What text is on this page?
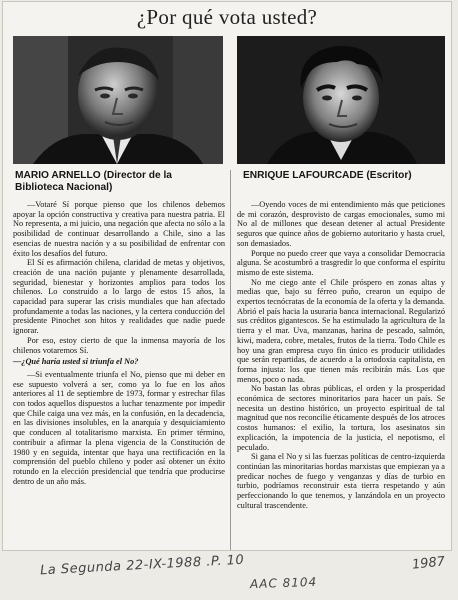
¿Por qué vota usted?
MARIO ARNELLO (Director de la Biblioteca Nacional)
ENRIQUE LAFOURCADE (Escritor)

—Votaré Sí porque pienso que los chilenos debemos apoyar la opción constructiva y creativa para nuestra patria. El No representa, a mi juicio, una negación que afecta no sólo a la posibilidad de continuar desarrollando a Chile, sino a las esencias de nuestra nación y a su posibilidad de enfrentar con éxito los desafíos del futuro.

El Sí es afirmación chilena, claridad de metas y objetivos, creación de una nación pujante y plenamente desarrollada, seguridad, bienestar y horizontes amplios para todos los chilenos. Lo construido a lo largo de estos 15 años, la capacidad para superar las crisis mundiales que han afectado profundamente a todas las naciones, y la certera conducción del presidente Pinochet son hitos y realidades que nadie puede ignorar.

Por eso, estoy cierto de que la inmensa mayoría de los chilenos votaremos Sí.

—¿Qué haría usted si triunfa el No?

—Si eventualmente triunfa el No, pienso que mi deber en ese supuesto volverá a ser, como ya lo fue en los años anteriores al 11 de septiembre de 1973, formar y estrechar filas con todos aquellos dispuestos a luchar tenazmente por impedir que Chile caiga una vez más, en la confusión, en la decadencia, en las divisiones insolubles, en la anarquía y desquiciamiento que conducen al totalitarismo marxista. En primer término, contribuir a afirmar la plena vigencia de la Constitución de 1980 y en seguida, intentar que haya una rectificación en la comprensión del pueblo chileno y poder así obtener un éxito rotundo en la elección presidencial que tendría que producirse dentro de un año más.

—Oyendo voces de mi entendimiento más que peticiones de mi corazón, desprovisto de cargas emocionales, sumo mi No al de millones que desean detener al actual Presidente seguros que quince años de gobierno autoritario y hasta cruel, son demasiados.

Porque no puedo creer que vaya a consolidar Democracia alguna. Se acostumbró a trasgredir lo que conforma el espíritu mismo de este sistema.

No me ciego ante el Chile próspero en zonas altas y medias que, bajo su férreo puño, crearon un equipo de expertos tecnócratas de la economía de la oferta y la demanda. Abrió el país hacia la usuraria banca internacional. Regularizó sus créditos gigantescos. Se ha estimulado la agricultura de la tierra y el mar. Uva, manzanas, harina de pescado, salmón, kiwi, madera, cobre, metales, frutos de la tierra. Todo Chile es hoy una gran empresa cuyo fin único es producir utilidades que serán repartidas, de acuerdo a la ortodoxia capitalista, en forma injusta: los que tienen más recibirán más. Los que menos, poco o nada.

No bastan las obras públicas, el orden y la prosperidad económica de sectores minoritarios para hacer un país. Se necesita un destino histórico, un proyecto espiritual de tal magnitud que nos reconcilie éticamente después de los atroces costos humanos: el exilio, la tortura, los asesinatos sin explicación, la impotencia de la justicia, el nepotismo, el peculado.

Si gana el No y si las fuerzas políticas de centro-izquierda continúan las minoritarias hordas marxistas que empiezan ya a predicar noches de fuego y venganzas y días de turbio en turbio, podríamos reconstruir esta tierra respetando y aún perfeccionando lo que tenemos, y lanzándola en un proyecto cultural trascendente.

La Segunda 22-IX-1988 .P. 10
AAC 8104
1987
